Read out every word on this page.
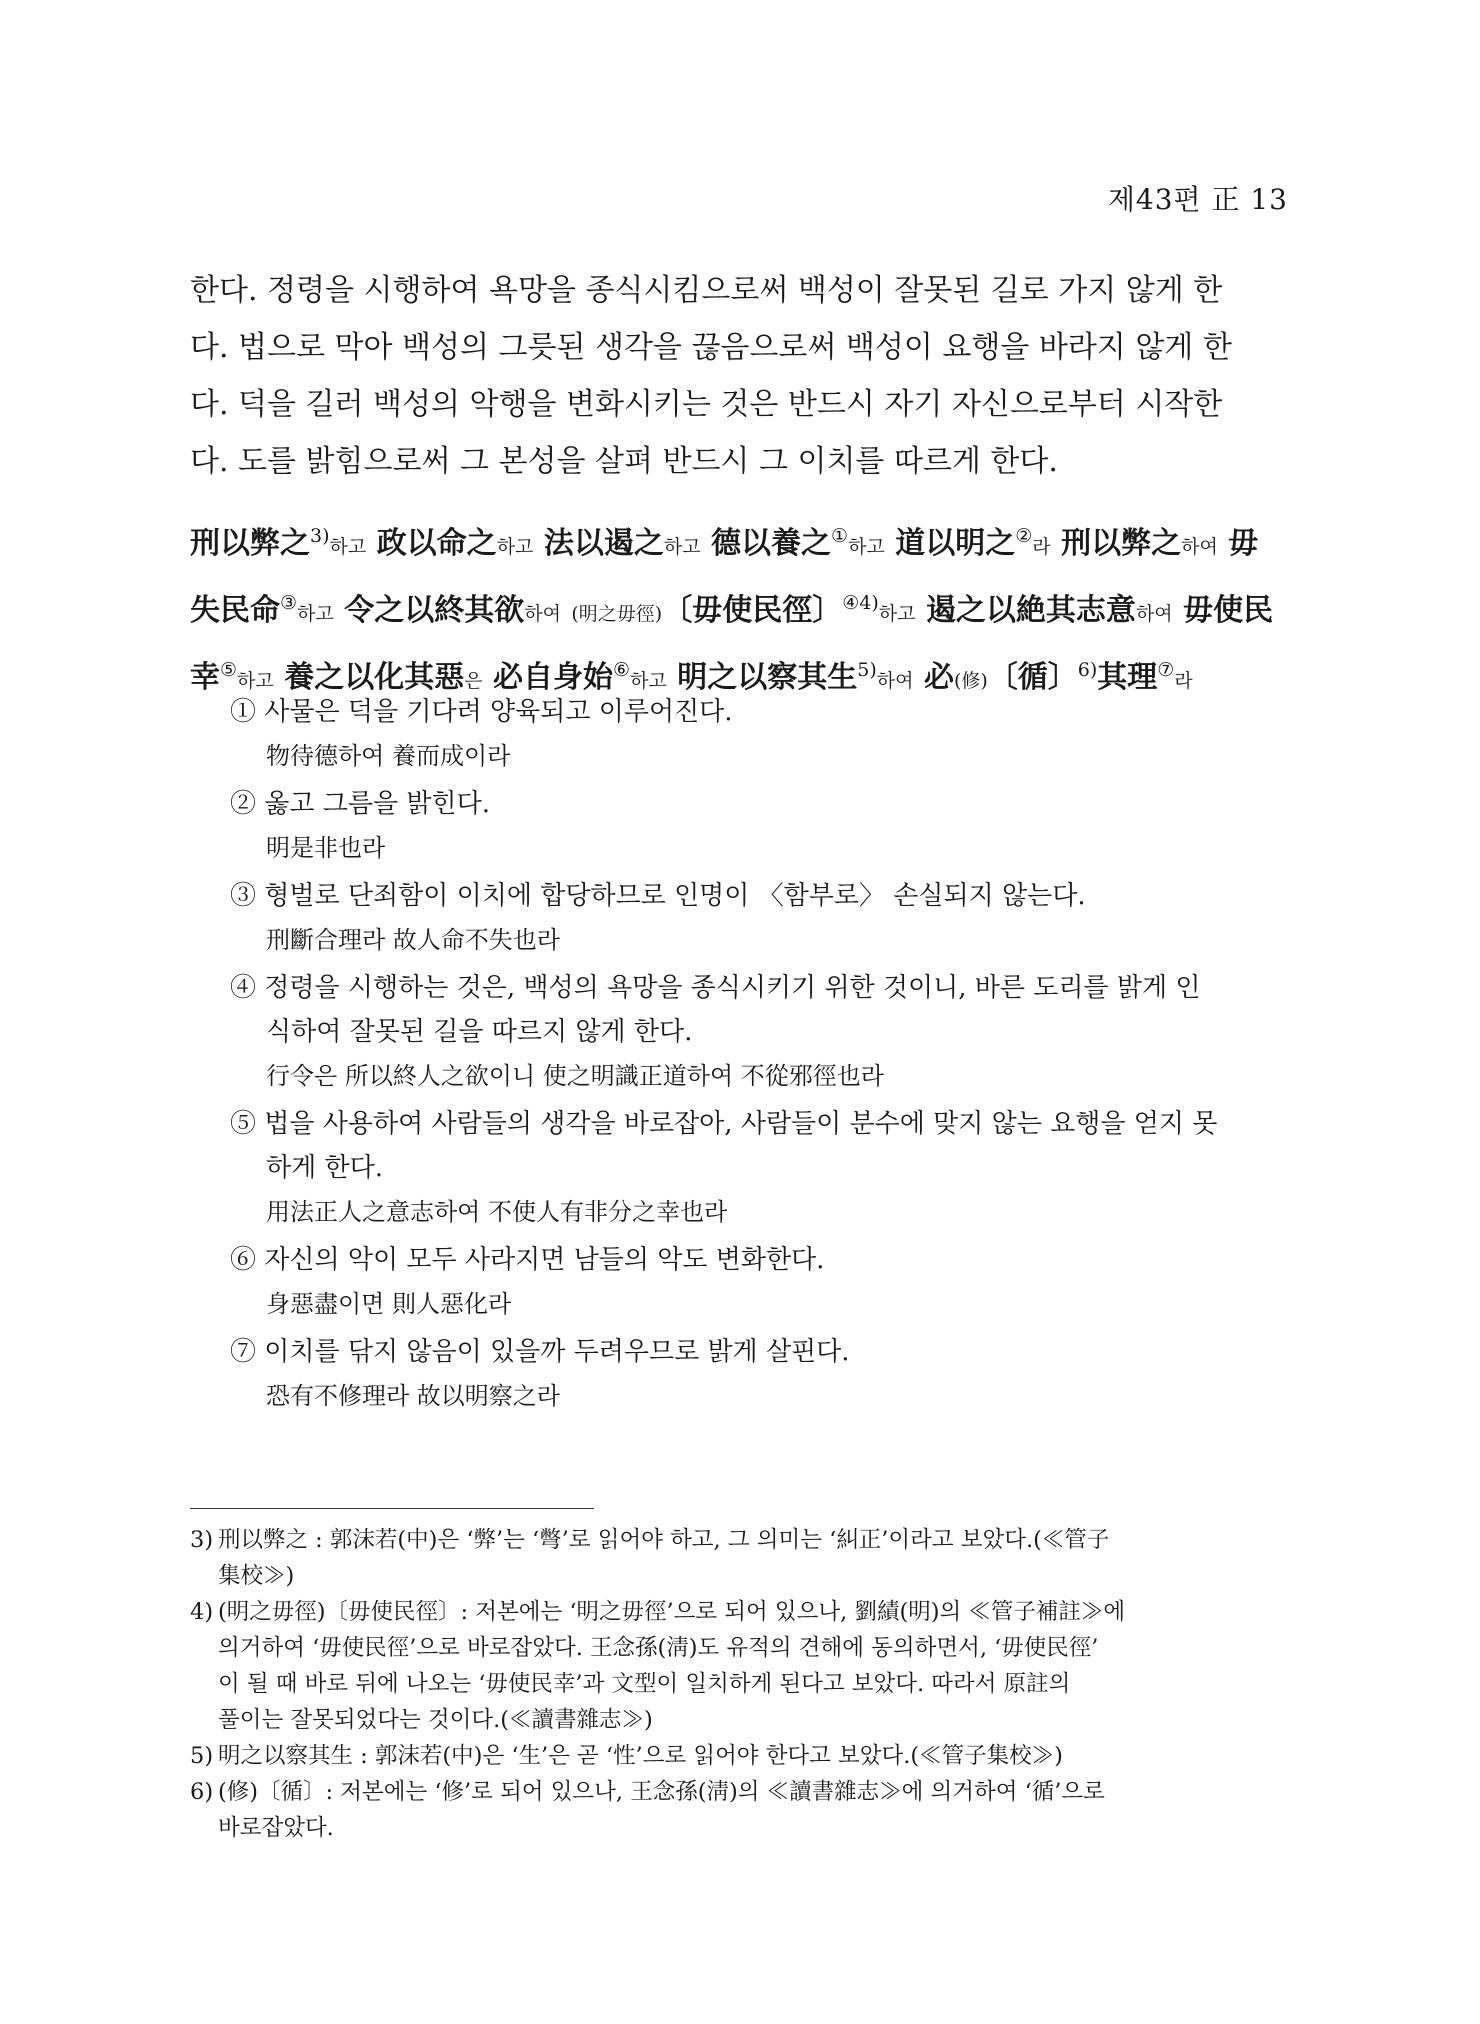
제43편 正 13

한다. 정령을 시행하여 욕망을 종식시킴으로써 백성이 잘못된 길로 가지 않게 한
다. 법으로 막아 백성의 그릇된 생각을 끊음으로써 백성이 요행을 바라지 않게 한
다. 덕을 길러 백성의 악행을 변화시키는 것은 반드시 자기 자신으로부터 시작한
다. 도를 밝힘으로써 그 본성을 살펴 반드시 그 이치를 따르게 한다.

刑以弊之$^{3)}$하고 政以命之하고 法以遏之하고 德以養之①하고 道以明之②라 刑以弊之하여 毋
失民命③하고 令之以終其欲하여 (明之毋徑)〔毋使民徑〕$^{④4)}$하고 遏之以絶其志意하여 毋使民
幸⑤하고 養之以化其惡은 必自身始⑥하고 明之以察其生$^{5)}$하여 必(修)〔循〕$^{6)}$其理⑦라
① 사물은 덕을 기다려 양육되고 이루어진다.
物待德하여 養而成이라
② 옳고 그름을 밝힌다.
明是非也라
③ 형벌로 단죄함이 이치에 합당하므로 인명이 〈함부로〉 손실되지 않는다.
刑斷合理라 故人命不失也라
④ 정령을 시행하는 것은, 백성의 욕망을 종식시키기 위한 것이니, 바른 도리를 밝게 인
식하여 잘못된 길을 따르지 않게 한다.
行令은 所以終人之欲이니 使之明識正道하여 不從邪徑也라
⑤ 법을 사용하여 사람들의 생각을 바로잡아, 사람들이 분수에 맞지 않는 요행을 얻지 못
하게 한다.
用法正人之意志하여 不使人有非分之幸也라
⑥ 자신의 악이 모두 사라지면 남들의 악도 변화한다.
身惡盡이면 則人惡化라
⑦ 이치를 닦지 않음이 있을까 두려우므로 밝게 살핀다.
恐有不修理라 故以明察之라
3) 刑以弊之 : 郭沫若(中)은 ‘弊’는 ‘彆’로 읽어야 하고, 그 의미는 ‘糾正’이라고 보았다.(≪管子
集校≫)
4) (明之毋徑)〔毋使民徑〕: 저본에는 ‘明之毋徑’으로 되어 있으나, 劉績(明)의 ≪管子補註≫에
의거하여 ‘毋使民徑’으로 바로잡았다. 王念孫(淸)도 유적의 견해에 동의하면서, ‘毋使民徑’
이 될 때 바로 뒤에 나오는 ‘毋使民幸’과 文型이 일치하게 된다고 보았다. 따라서 原註의
풀이는 잘못되었다는 것이다.(≪讀書雜志≫)
5) 明之以察其生 : 郭沫若(中)은 ‘生’은 곧 ‘性’으로 읽어야 한다고 보았다.(≪管子集校≫)
6) (修)〔循〕: 저본에는 ‘修’로 되어 있으나, 王念孫(淸)의 ≪讀書雜志≫에 의거하여 ‘循’으로
바로잡았다.
